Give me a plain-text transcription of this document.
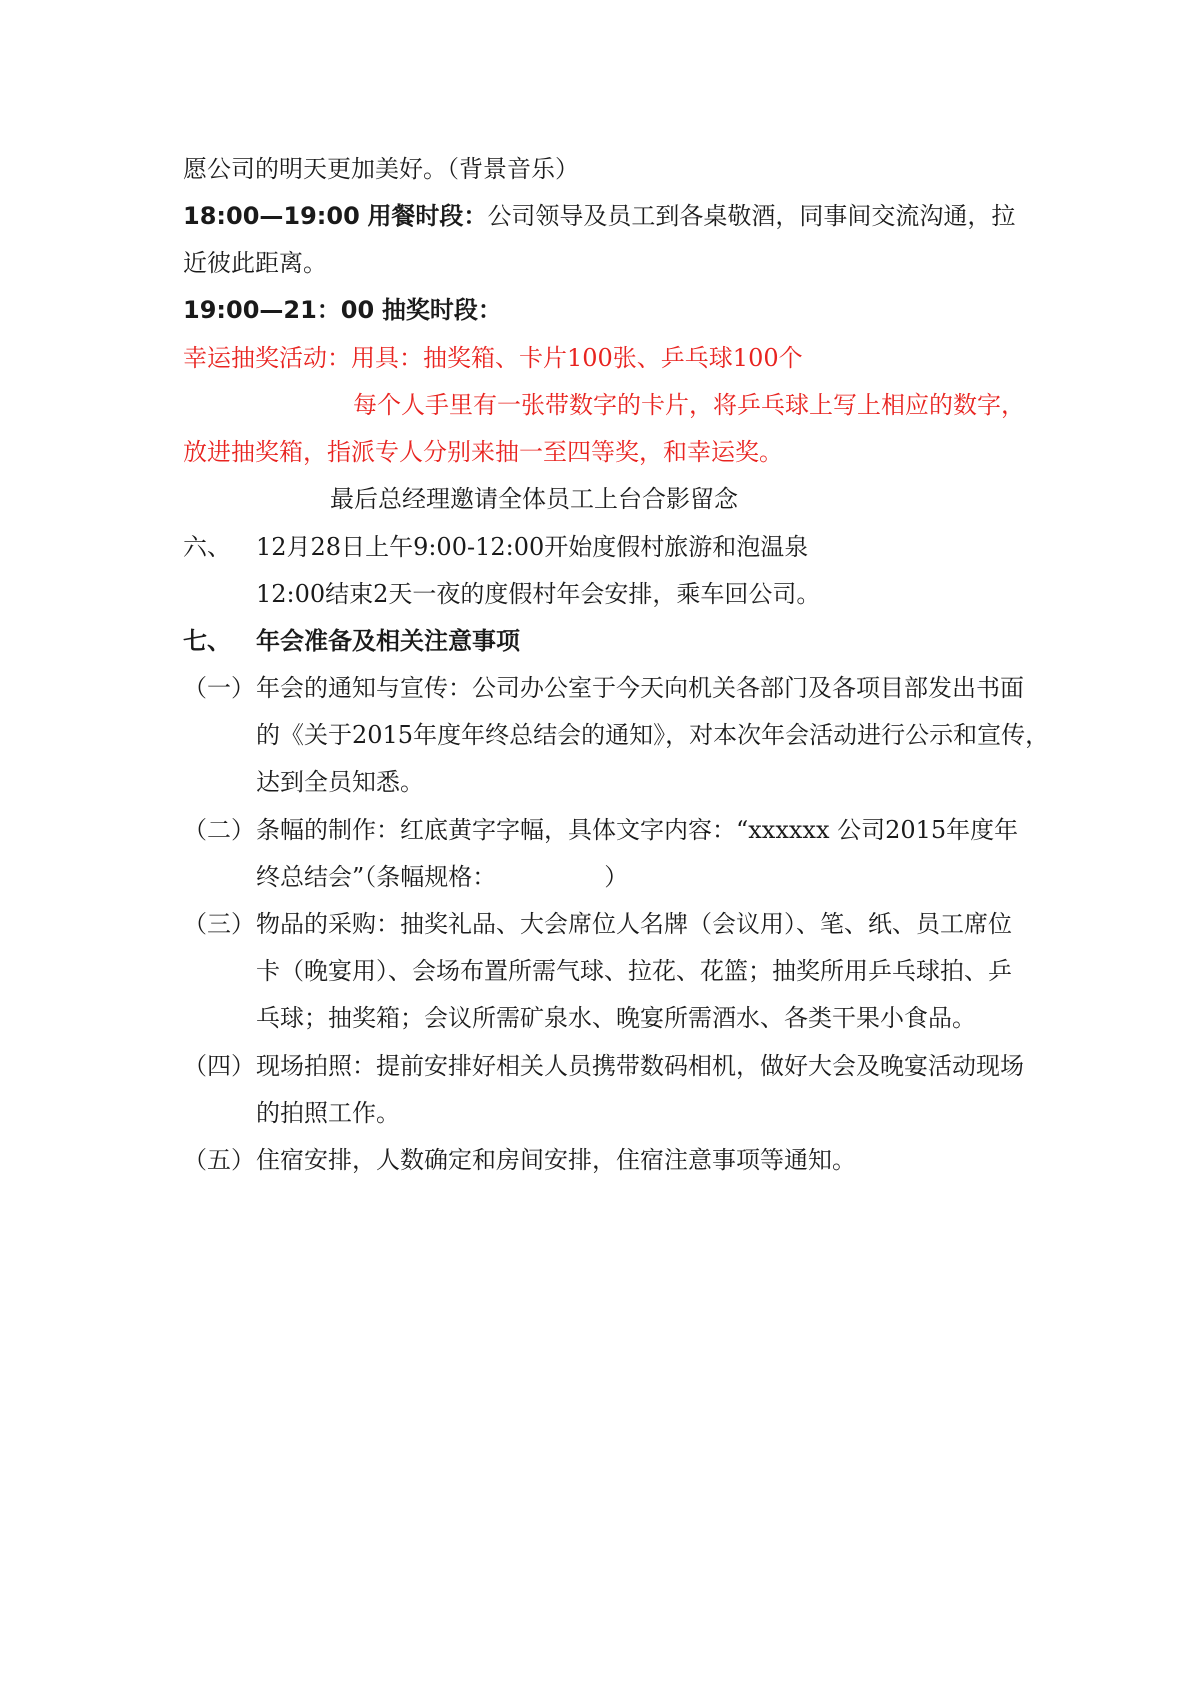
愿公司的明天更加美好。（背景音乐）
18:00—19:00 用餐时段：公司领导及员工到各桌敬酒，同事间交流沟通，拉
近彼此距离。
19:00—21：00 抽奖时段：
幸运抽奖活动：用具：抽奖箱、卡片100张、乒乓球100个
每个人手里有一张带数字的卡片，将乒乓球上写上相应的数字，
放进抽奖箱，指派专人分别来抽一至四等奖，和幸运奖。
最后总经理邀请全体员工上台合影留念
六、 12月28日上午9:00-12:00开始度假村旅游和泡温泉
12:00结束2天一夜的度假村年会安排，乘车回公司。
七、 年会准备及相关注意事项
（一）年会的通知与宣传：公司办公室于今天向机关各部门及各项目部发出书面
的《关于2015年度年终总结会的通知》，对本次年会活动进行公示和宣传，
达到全员知悉。
（二）条幅的制作：红底黄字字幅，具体文字内容：“xxxxxx 公司2015年度年
终总结会”（条幅规格：　　　　　）
（三）物品的采购：抽奖礼品、大会席位人名牌（会议用）、笔、纸、员工席位
卡（晚宴用）、会场布置所需气球、拉花、花篮；抽奖所用乒乓球拍、乒
乓球；抽奖箱；会议所需矿泉水、晚宴所需酒水、各类干果小食品。
（四）现场拍照：提前安排好相关人员携带数码相机，做好大会及晚宴活动现场
的拍照工作。
（五）住宿安排，人数确定和房间安排，住宿注意事项等通知。
